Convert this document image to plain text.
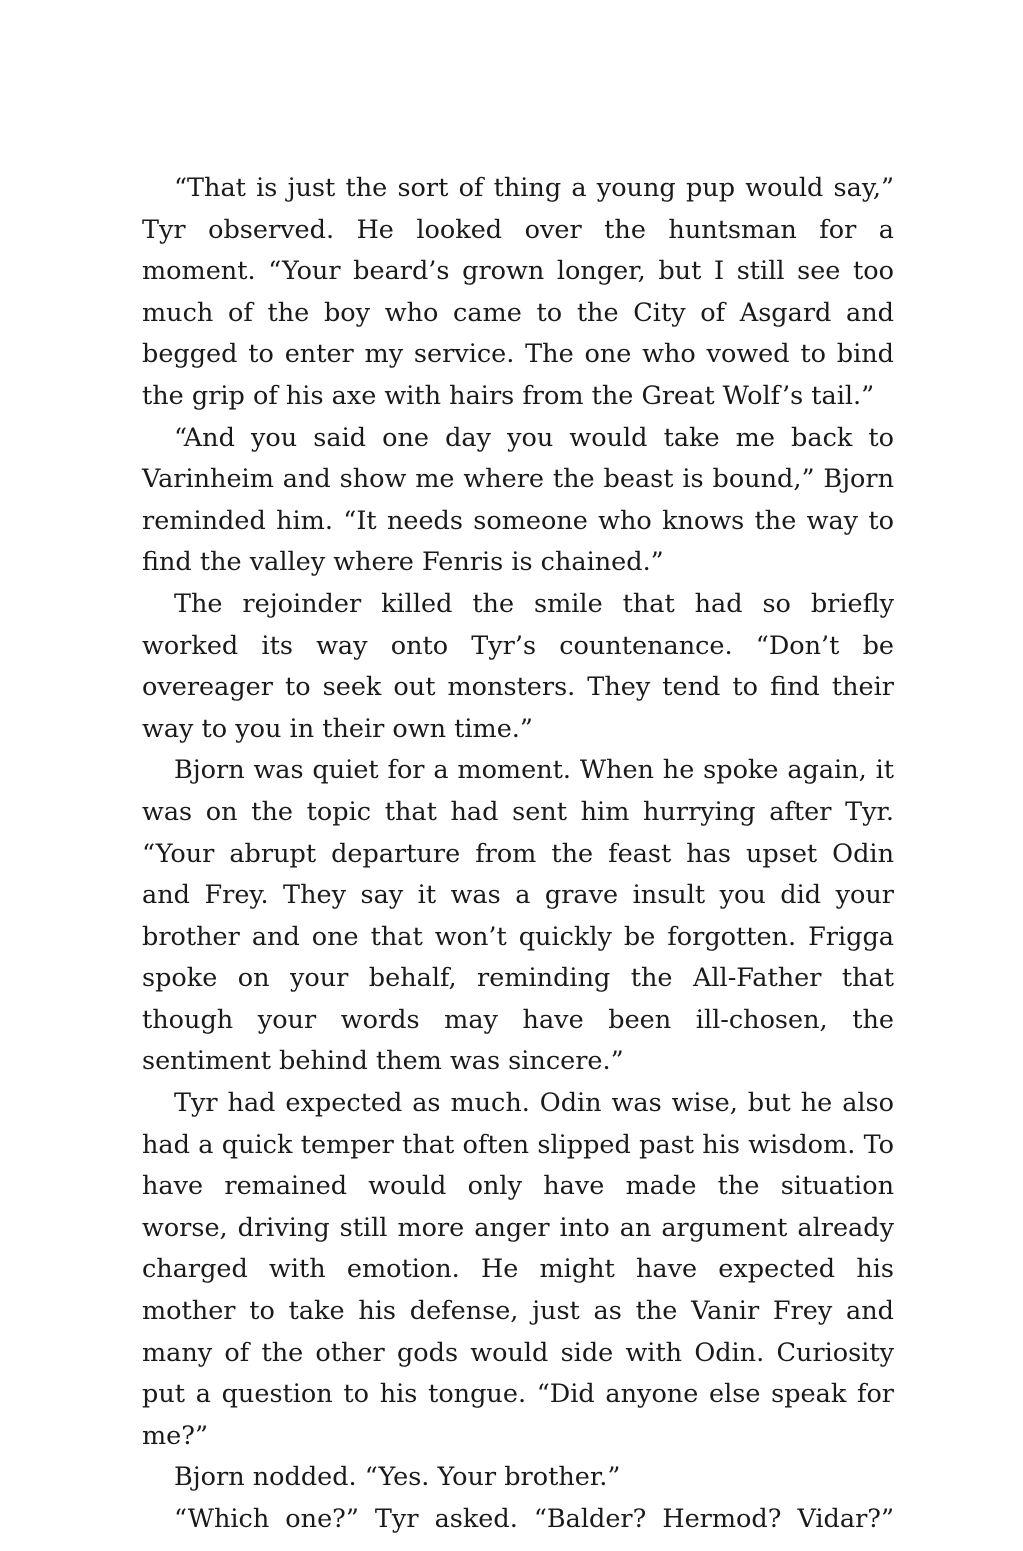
“That is just the sort of thing a young pup would say,” Tyr observed. He looked over the huntsman for a moment. “Your beard’s grown longer, but I still see too much of the boy who came to the City of Asgard and begged to enter my service. The one who vowed to bind the grip of his axe with hairs from the Great Wolf’s tail.”

“And you said one day you would take me back to Varinheim and show me where the beast is bound,” Bjorn reminded him. “It needs someone who knows the way to find the valley where Fenris is chained.”

The rejoinder killed the smile that had so briefly worked its way onto Tyr’s countenance. “Don’t be overeager to seek out monsters. They tend to find their way to you in their own time.”

Bjorn was quiet for a moment. When he spoke again, it was on the topic that had sent him hurrying after Tyr. “Your abrupt departure from the feast has upset Odin and Frey. They say it was a grave insult you did your brother and one that won’t quickly be forgotten. Frigga spoke on your behalf, reminding the All-Father that though your words may have been ill-chosen, the sentiment behind them was sincere.”

Tyr had expected as much. Odin was wise, but he also had a quick temper that often slipped past his wisdom. To have remained would only have made the situation worse, driving still more anger into an argument already charged with emotion. He might have expected his mother to take his defense, just as the Vanir Frey and many of the other gods would side with Odin. Curiosity put a question to his tongue. “Did anyone else speak for me?”

Bjorn nodded. “Yes. Your brother.”

“Which one?” Tyr asked. “Balder? Hermod? Vidar?”
